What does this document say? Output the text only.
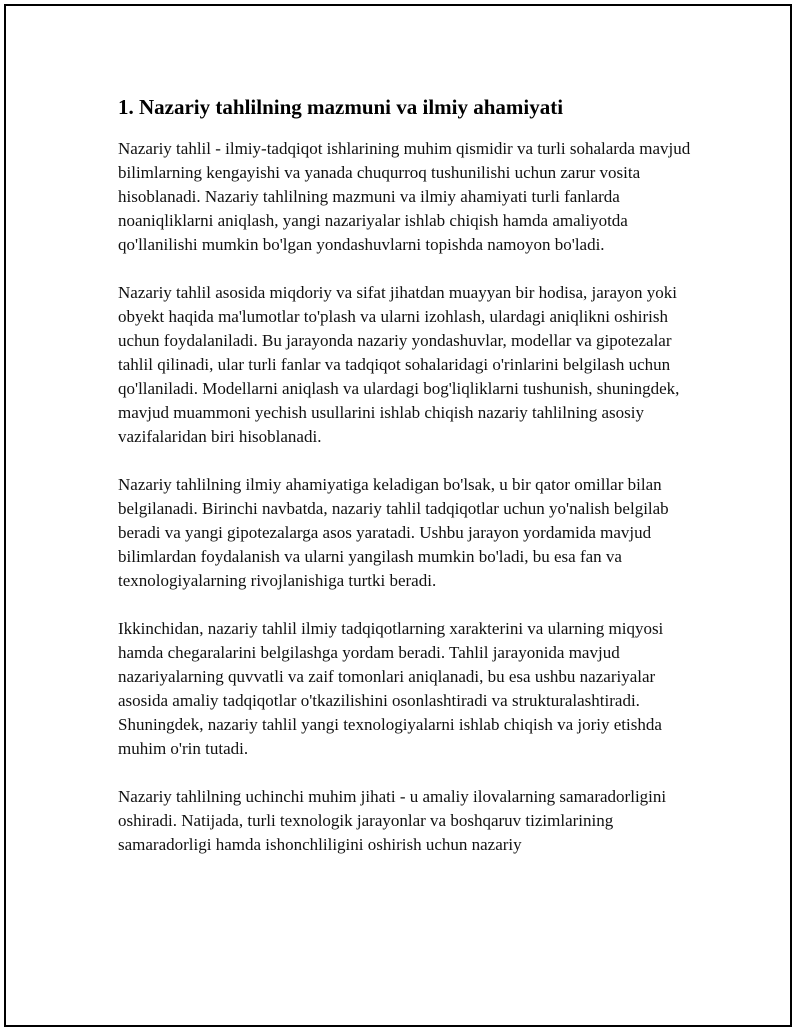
1. Nazariy tahlilning mazmuni va ilmiy ahamiyati

Nazariy tahlil - ilmiy-tadqiqot ishlarining muhim qismidir va turli sohalarda mavjud bilimlarning kengayishi va yanada chuqurroq tushunilishi uchun zarur vosita hisoblanadi. Nazariy tahlilning mazmuni va ilmiy ahamiyati turli fanlarda noaniqliklarni aniqlash, yangi nazariyalar ishlab chiqish hamda amaliyotda qo'llanilishi mumkin bo'lgan yondashuvlarni topishda namoyon bo'ladi.

Nazariy tahlil asosida miqdoriy va sifat jihatdan muayyan bir hodisa, jarayon yoki obyekt haqida ma'lumotlar to'plash va ularni izohlash, ulardagi aniqlikni oshirish uchun foydalaniladi. Bu jarayonda nazariy yondashuvlar, modellar va gipotezalar tahlil qilinadi, ular turli fanlar va tadqiqot sohalaridagi o'rinlarini belgilash uchun qo'llaniladi. Modellarni aniqlash va ulardagi bog'liqliklarni tushunish, shuningdek, mavjud muammoni yechish usullarini ishlab chiqish nazariy tahlilning asosiy vazifalaridan biri hisoblanadi.

Nazariy tahlilning ilmiy ahamiyatiga keladigan bo'lsak, u bir qator omillar bilan belgilanadi. Birinchi navbatda, nazariy tahlil tadqiqotlar uchun yo'nalish belgilab beradi va yangi gipotezalarga asos yaratadi. Ushbu jarayon yordamida mavjud bilimlardan foydalanish va ularni yangilash mumkin bo'ladi, bu esa fan va texnologiyalarning rivojlanishiga turtki beradi.

Ikkinchidan, nazariy tahlil ilmiy tadqiqotlarning xarakterini va ularning miqyosi hamda chegaralarini belgilashga yordam beradi. Tahlil jarayonida mavjud nazariyalarning quvvatli va zaif tomonlari aniqlanadi, bu esa ushbu nazariyalar asosida amaliy tadqiqotlar o'tkazilishini osonlashtiradi va strukturalashtiradi. Shuningdek, nazariy tahlil yangi texnologiyalarni ishlab chiqish va joriy etishda muhim o'rin tutadi.

Nazariy tahlilning uchinchi muhim jihati - u amaliy ilovalarning samaradorligini oshiradi. Natijada, turli texnologik jarayonlar va boshqaruv tizimlarining samaradorligi hamda ishonchliligini oshirish uchun nazariy
